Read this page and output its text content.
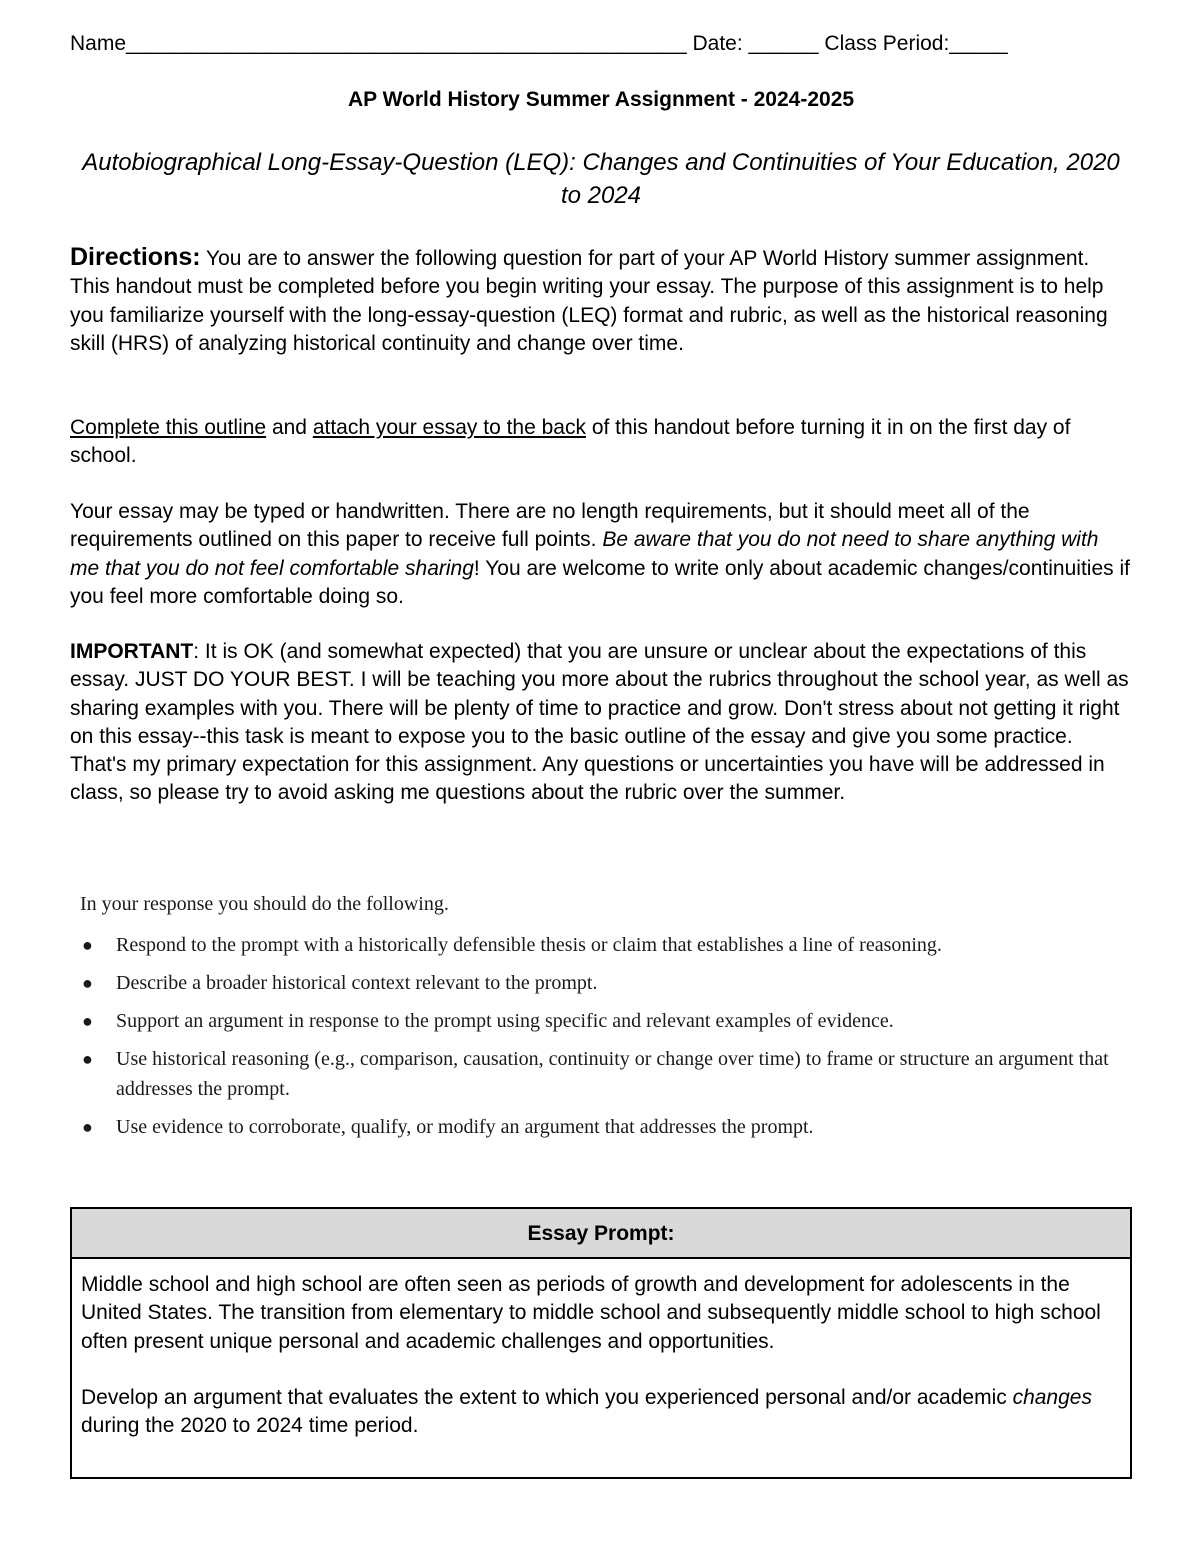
Name________________________________________________ Date: ______ Class Period:_____
AP World History Summer Assignment - 2024-2025
Autobiographical Long-Essay-Question (LEQ): Changes and Continuities of Your Education, 2020 to 2024
Directions: You are to answer the following question for part of your AP World History summer assignment. This handout must be completed before you begin writing your essay. The purpose of this assignment is to help you familiarize yourself with the long-essay-question (LEQ) format and rubric, as well as the historical reasoning skill (HRS) of analyzing historical continuity and change over time.
Complete this outline and attach your essay to the back of this handout before turning it in on the first day of school.
Your essay may be typed or handwritten. There are no length requirements, but it should meet all of the requirements outlined on this paper to receive full points. Be aware that you do not need to share anything with me that you do not feel comfortable sharing! You are welcome to write only about academic changes/continuities if you feel more comfortable doing so.
IMPORTANT: It is OK (and somewhat expected) that you are unsure or unclear about the expectations of this essay. JUST DO YOUR BEST. I will be teaching you more about the rubrics throughout the school year, as well as sharing examples with you. There will be plenty of time to practice and grow. Don't stress about not getting it right on this essay--this task is meant to expose you to the basic outline of the essay and give you some practice. That's my primary expectation for this assignment. Any questions or uncertainties you have will be addressed in class, so please try to avoid asking me questions about the rubric over the summer.

In your response you should do the following.

● Respond to the prompt with a historically defensible thesis or claim that establishes a line of reasoning.
● Describe a broader historical context relevant to the prompt.
● Support an argument in response to the prompt using specific and relevant examples of evidence.
● Use historical reasoning (e.g., comparison, causation, continuity or change over time) to frame or structure an argument that addresses the prompt.
● Use evidence to corroborate, qualify, or modify an argument that addresses the prompt.
Essay Prompt:

Middle school and high school are often seen as periods of growth and development for adolescents in the United States. The transition from elementary to middle school and subsequently middle school to high school often present unique personal and academic challenges and opportunities.

Develop an argument that evaluates the extent to which you experienced personal and/or academic changes during the 2020 to 2024 time period.
